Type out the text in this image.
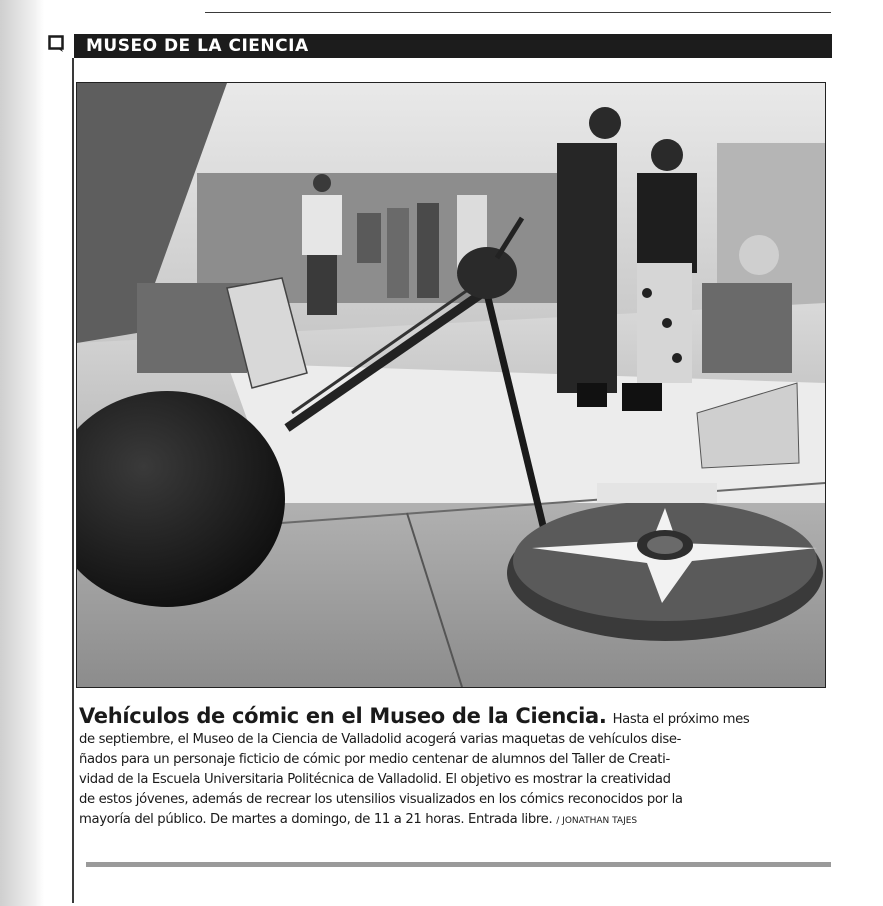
MUSEO DE LA CIENCIA
Vehículos de cómic en el Museo de la Ciencia. Hasta el próximo mes
de septiembre, el Museo de la Ciencia de Valladolid acogerá varias maquetas de vehículos dise-
ñados para un personaje ficticio de cómic por medio centenar de alumnos del Taller de Creati-
vidad de la Escuela Universitaria Politécnica de Valladolid. El objetivo es mostrar la creatividad
de estos jóvenes, además de recrear los utensilios visualizados en los cómics reconocidos por la
mayoría del público. De martes a domingo, de 11 a 21 horas. Entrada libre. / JONATHAN TAJES
